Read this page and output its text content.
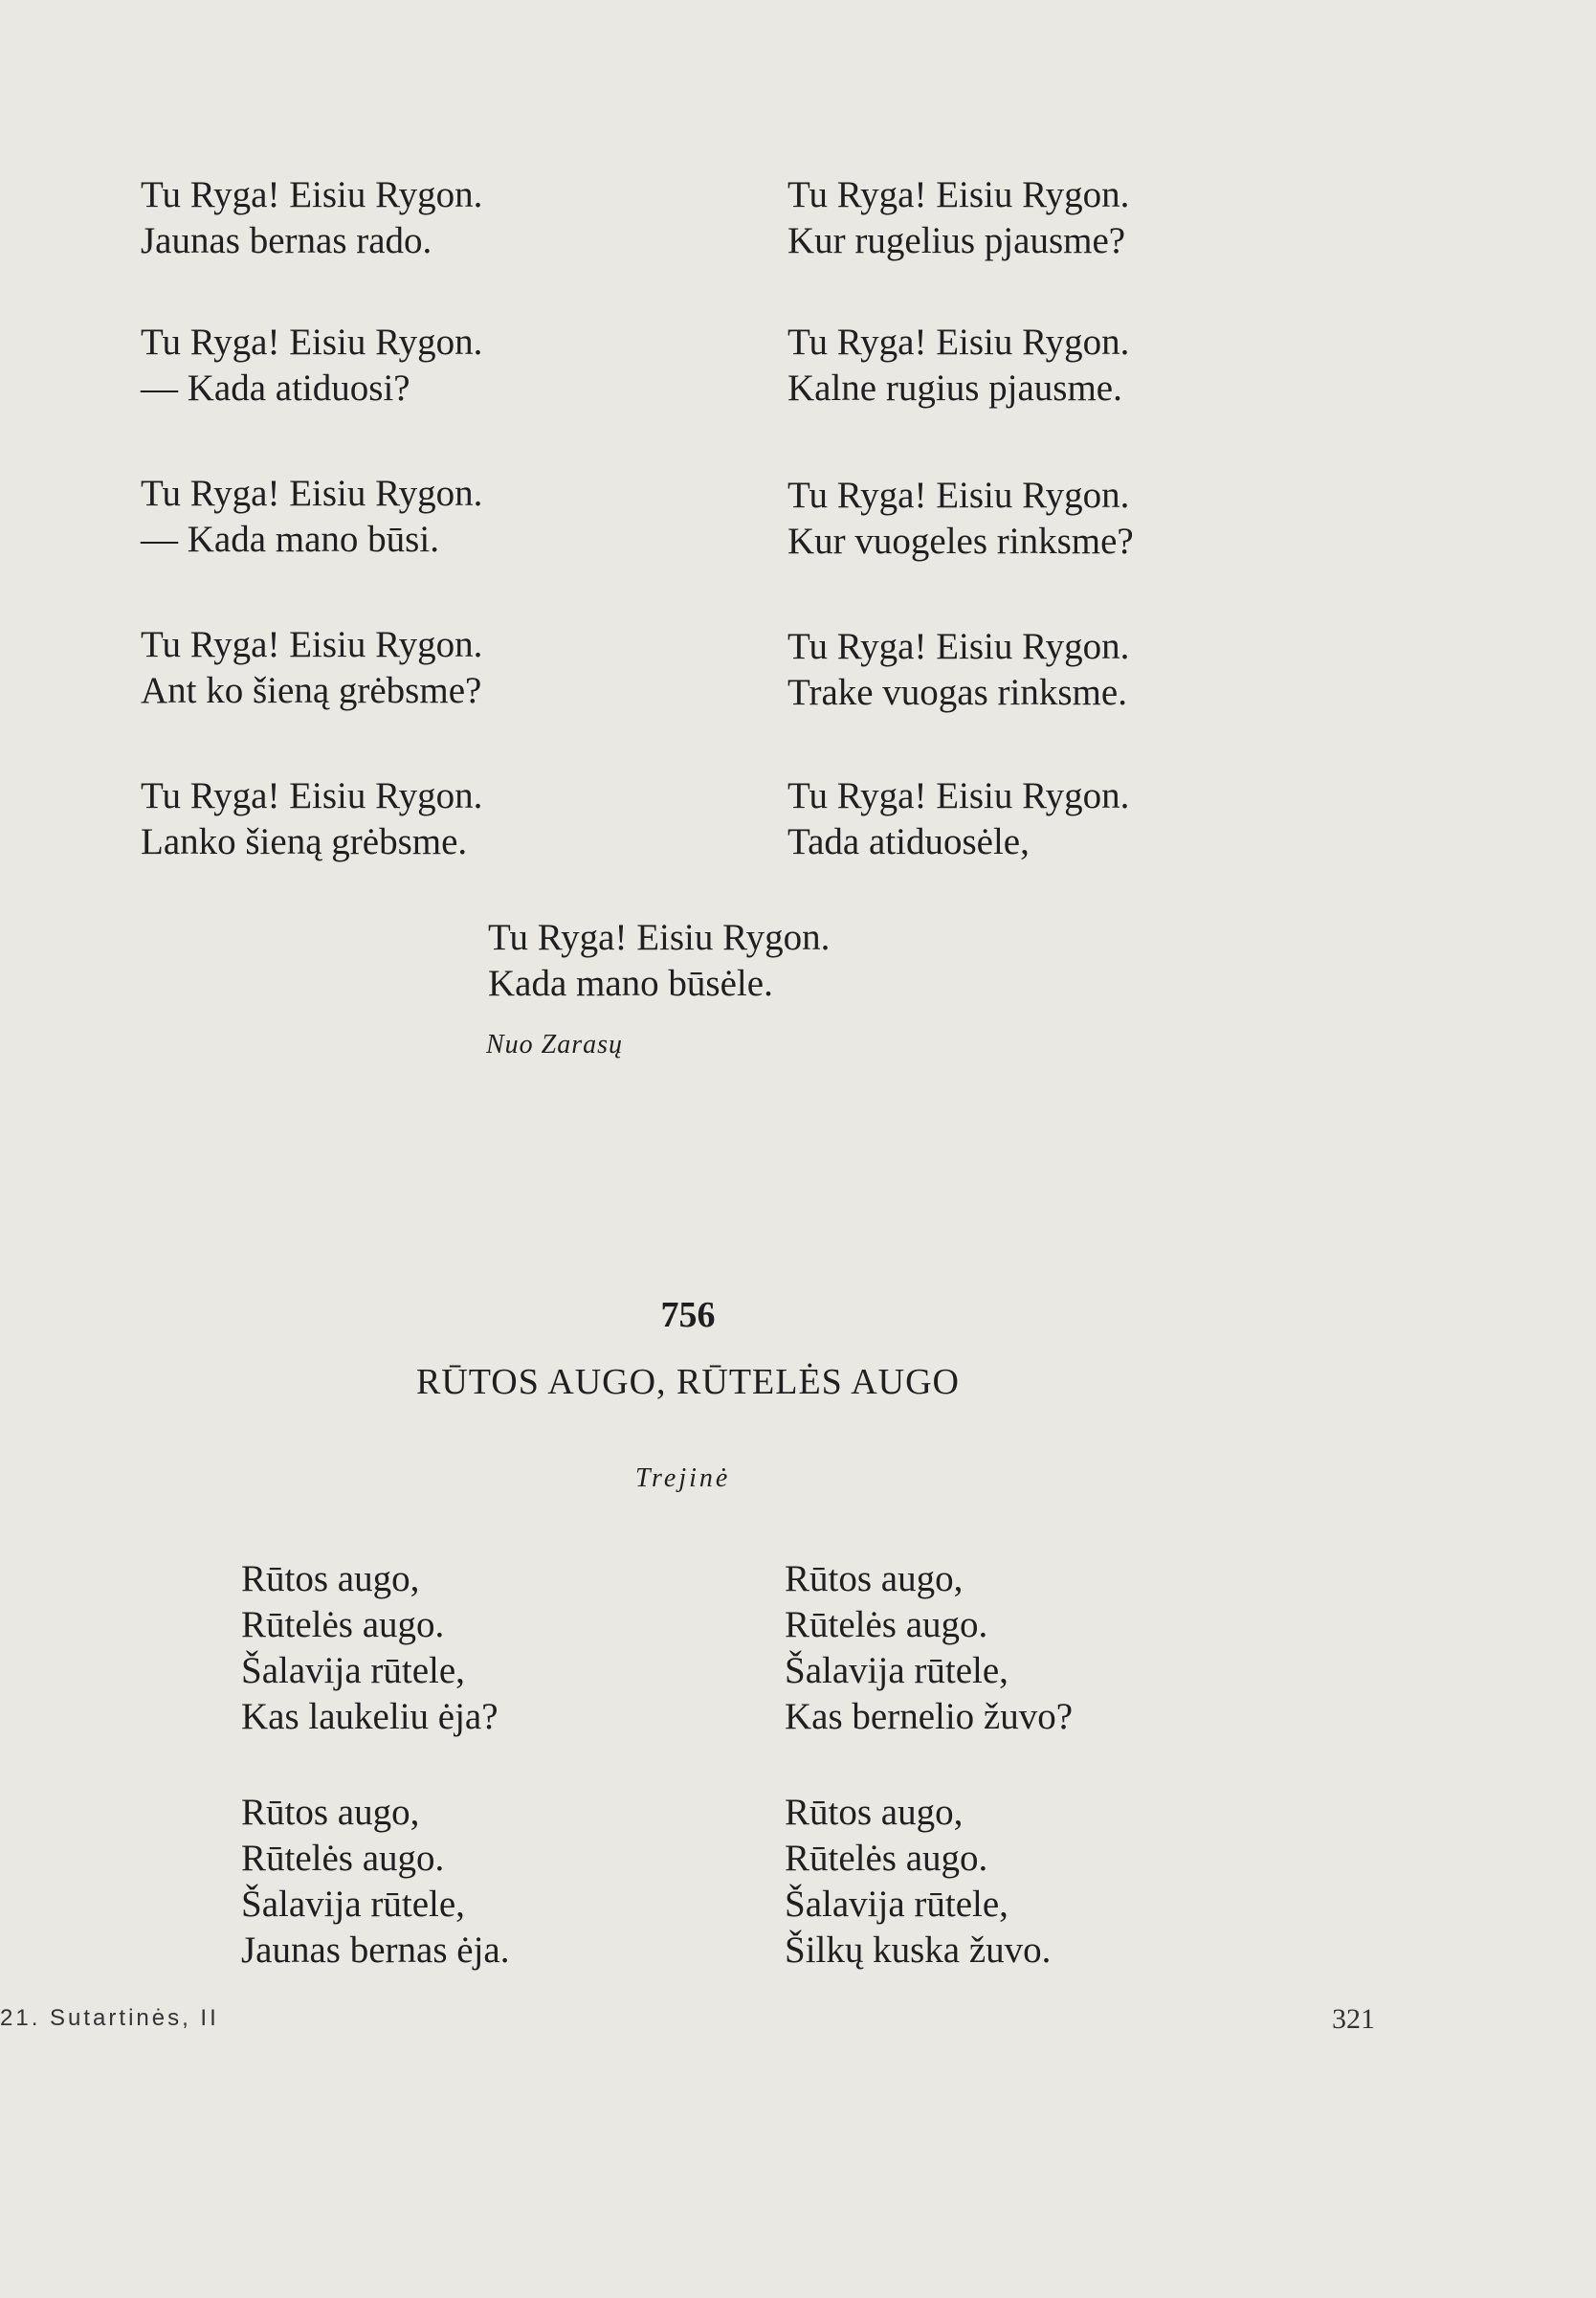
Tu Ryga! Eisiu Rygon.
Jaunas bernas rado.
Tu Ryga! Eisiu Rygon.
— Kada atiduosi?
Tu Ryga! Eisiu Rygon.
— Kada mano būsi.
Tu Ryga! Eisiu Rygon.
Ant ko šieną grėbsme?
Tu Ryga! Eisiu Rygon.
Lanko šieną grėbsme.
Tu Ryga! Eisiu Rygon.
Kur rugelius pjausme?
Tu Ryga! Eisiu Rygon.
Kalne rugius pjausme.
Tu Ryga! Eisiu Rygon.
Kur vuogeles rinksme?
Tu Ryga! Eisiu Rygon.
Trake vuogas rinksme.
Tu Ryga! Eisiu Rygon.
Tada atiduosėle,
Tu Ryga! Eisiu Rygon.
Kada mano būsėle.
Nuo Zarasų
756
RŪTOS AUGO, RŪTELĖS AUGO
Trejinė
Rūtos augo,
Rūtelės augo.
Šalavija rūtele,
Kas laukeliu ėja?
Rūtos augo,
Rūtelės augo.
Šalavija rūtele,
Kas bernelio žuvo?
Rūtos augo,
Rūtelės augo.
Šalavija rūtele,
Jaunas bernas ėja.
Rūtos augo,
Rūtelės augo.
Šalavija rūtele,
Šilkų kuska žuvo.
21. Sutartinės, II	321
